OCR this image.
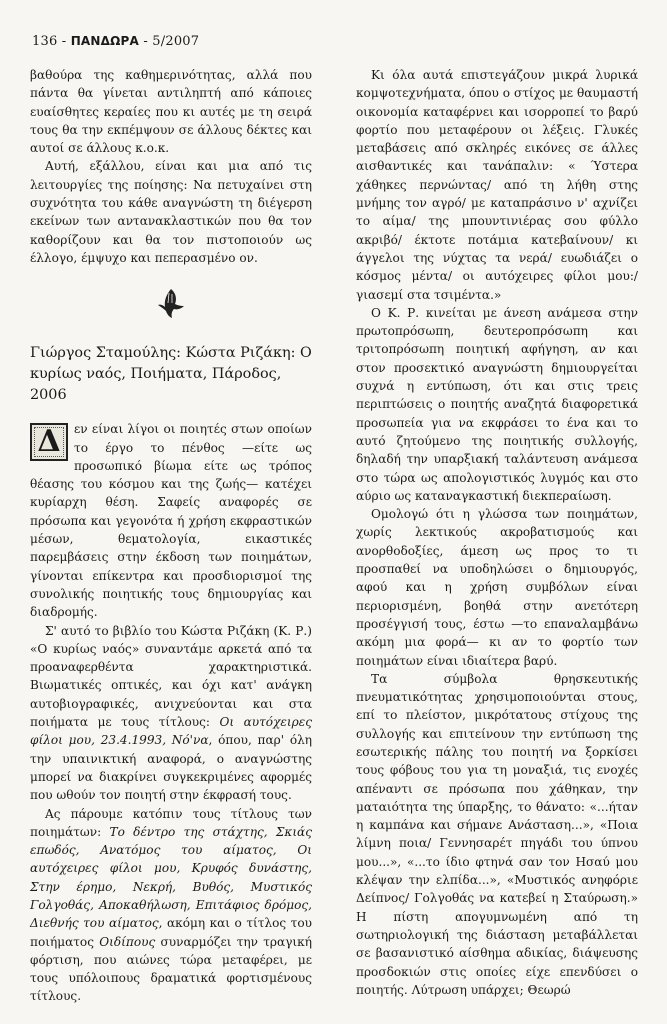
136 - ΠΑΝΔΩΡΑ - 5/2007

βαθούρα της καθημερινότητας, αλλά που πάντα θα γίνεται αντιληπτή από κάποιες ευαίσθητες κεραίες που κι αυτές με τη σειρά τους θα την εκπέμψουν σε άλλους δέκτες και αυτοί σε άλλους κ.ο.κ.

Αυτή, εξάλλου, είναι και μια από τις λειτουργίες της ποίησης: Να πετυχαίνει στη συχνότητα του κάθε αναγνώστη τη διέγερση εκείνων των αντανακλαστικών που θα τον καθορίζουν και θα τον πιστοποιούν ως έλλογο, έμψυχο και πεπερασμένο ον.

Γιώργος Σταμούλης: Κώστα Ριζάκη: Ο κυρίως ναός, Ποιήματα, Πάροδος, 2006

Δ	εν είναι λίγοι οι ποιητές στων οποίων το έργο το πένθος —είτε ως προσωπικό βίωμα είτε ως τρόπος θέασης του κόσμου και της ζωής— κατέχει κυρίαρχη θέση. Σαφείς αναφορές σε πρόσωπα και γεγονότα ή χρήση εκφραστικών μέσων, θεματολογία, εικαστικές παρεμβάσεις στην έκδοση των ποιημάτων, γίνονται επίκεντρα και προσδιορισμοί της συνολικής ποιητικής τους δημιουργίας και διαδρομής.

Σ' αυτό το βιβλίο του Κώστα Ριζάκη (Κ. Ρ.) «Ο κυρίως ναός» συναντάμε αρκετά από τα προαναφερθέντα χαρακτηριστικά. Βιωματικές οπτικές, και όχι κατ' ανάγκη αυτοβιογραφικές, ανιχνεύονται και στα ποιήματα με τους τίτλους: Οι αυτόχειρες φίλοι μου, 23.4.1993, Νό'να, όπου, παρ' όλη την υπαινικτική αναφορά, ο αναγνώστης μπορεί να διακρίνει συγκεκριμένες αφορμές που ωθούν τον ποιητή στην έκφρασή τους.

Ας πάρουμε κατόπιν τους τίτλους των ποιημάτων: Το δέντρο της στάχτης, Σκιάς επωδός, Ανατόμος του αίματος, Οι αυτόχειρες φίλοι μου, Κρυφός δυνάστης, Στην έρημο, Νεκρή, Βυθός, Μυστικός Γολγοθάς, Αποκαθήλωση, Επιτάφιος δρόμος, Διεθνής του αίματος, ακόμη και ο τίτλος του ποιήματος Οιδίπους συναρμόζει την τραγική φόρτιση, που αιώνες τώρα μεταφέρει, με τους υπόλοιπους δραματικά φορτισμένους τίτλους.

Κι όλα αυτά επιστεγάζουν μικρά λυρικά κομψοτεχνήματα, όπου ο στίχος με θαυμαστή οικονομία καταφέρνει και ισορροπεί το βαρύ φορτίο που μεταφέρουν οι λέξεις. Γλυκές μεταβάσεις από σκληρές εικόνες σε άλλες αισθαντικές και τανάπαλιν: « Ύστερα χάθηκες περνώντας/ από τη λήθη στης μνήμης τον αγρό/ με καταπράσινο ν' αχνίζει το αίμα/ της μπουντινιέρας σου φύλλο ακριβό/ έκτοτε ποτάμια κατεβαίνουν/ κι άγγελοι της νύχτας τα νερά/ ευωδιάζει ο κόσμος μέντα/ οι αυτόχειρες φίλοι μου:/ γιασεμί στα τσιμέντα.»

Ο Κ. Ρ. κινείται με άνεση ανάμεσα στην πρωτοπρόσωπη, δευτεροπρόσωπη και τριτοπρόσωπη ποιητική αφήγηση, αν και στον προσεκτικό αναγνώστη δημιουργείται συχνά η εντύπωση, ότι και στις τρεις περιπτώσεις ο ποιητής αναζητά διαφορετικά προσωπεία για να εκφράσει το ένα και το αυτό ζητούμενο της ποιητικής συλλογής, δηλαδή την υπαρξιακή ταλάντευση ανάμεσα στο τώρα ως απολογιστικός λυγμός και στο αύριο ως καταναγκαστική διεκπεραίωση.

Ομολογώ ότι η γλώσσα των ποιημάτων, χωρίς λεκτικούς ακροβατισμούς και ανορθοδοξίες, άμεση ως προς το τι προσπαθεί να υποδηλώσει ο δημιουργός, αφού και η χρήση συμβόλων είναι περιορισμένη, βοηθά στην ανετότερη προσέγγισή τους, έστω —το επαναλαμβάνω ακόμη μια φορά— κι αν το φορτίο των ποιημάτων είναι ιδιαίτερα βαρύ.

Τα σύμβολα θρησκευτικής πνευματικότητας χρησιμοποιούνται στους, επί το πλείστον, μικρότατους στίχους της συλλογής και επιτείνουν την εντύπωση της εσωτερικής πάλης του ποιητή να ξορκίσει τους φόβους του για τη μοναξιά, τις ενοχές απέναντι σε πρόσωπα που χάθηκαν, την ματαιότητα της ύπαρξης, το θάνατο: «...ήταν η καμπάνα και σήμανε Ανάσταση...», «Ποια λίμνη ποια/ Γεννησαρέτ πηγάδι του ύπνου μου...», «...το ίδιο φτηνά σαν τον Ησαύ μου κλέψαν την ελπίδα...», «Μυστικός ανηφόριε Δείπνος/ Γολγοθάς να κατεβεί η Σταύρωση.» Η πίστη απογυμνωμένη από τη σωτηριολογική της διάσταση μεταβάλλεται σε βασανιστικό αίσθημα αδικίας, διάψευσης προσδοκιών στις οποίες είχε επενδύσει ο ποιητής. Λύτρωση υπάρχει; Θεωρώ
